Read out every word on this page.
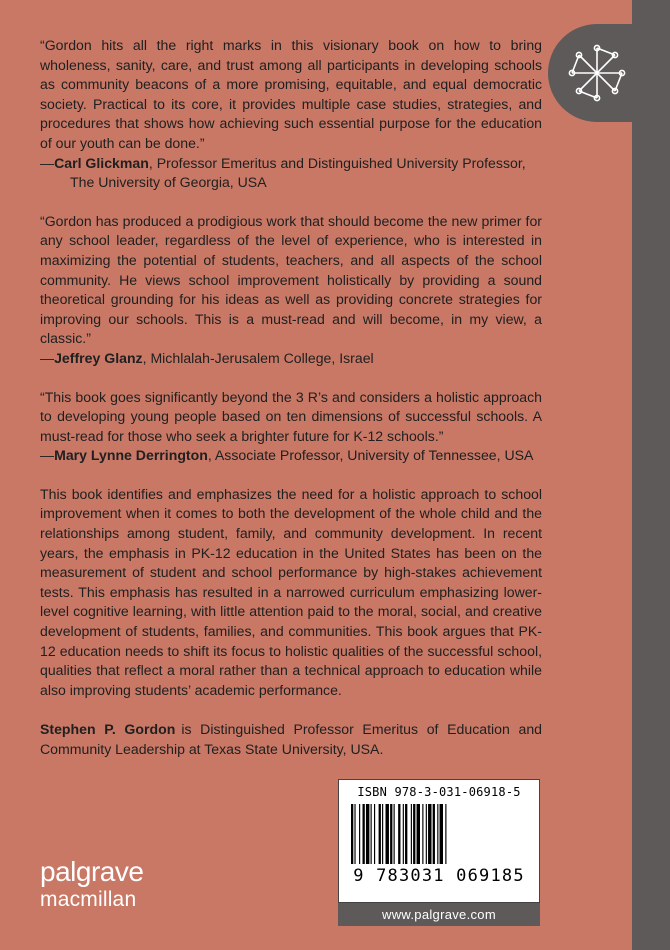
“Gordon hits all the right marks in this visionary book on how to bring wholeness, sanity, care, and trust among all participants in developing schools as community beacons of a more promising, equitable, and equal democratic society. Practical to its core, it provides multiple case studies, strategies, and procedures that shows how achieving such essential purpose for the education of our youth can be done.”

—Carl Glickman, Professor Emeritus and Distinguished University Professor,
The University of Georgia, USA

“Gordon has produced a prodigious work that should become the new primer for any school leader, regardless of the level of experience, who is interested in maximizing the potential of students, teachers, and all aspects of the school community. He views school improvement holistically by providing a sound theoretical grounding for his ideas as well as providing concrete strategies for improving our schools. This is a must-read and will become, in my view, a classic.”

—Jeffrey Glanz, Michlalah-Jerusalem College, Israel

“This book goes significantly beyond the 3 R’s and considers a holistic approach to developing young people based on ten dimensions of successful schools. A must-read for those who seek a brighter future for K-12 schools.”

—Mary Lynne Derrington, Associate Professor, University of Tennessee, USA

This book identifies and emphasizes the need for a holistic approach to school improvement when it comes to both the development of the whole child and the relationships among student, family, and community development. In recent years, the emphasis in PK-12 education in the United States has been on the measurement of student and school performance by high-stakes achievement tests. This emphasis has resulted in a narrowed curriculum emphasizing lower-level cognitive learning, with little attention paid to the moral, social, and creative development of students, families, and communities. This book argues that PK-12 education needs to shift its focus to holistic qualities of the successful school, qualities that reflect a moral rather than a technical approach to education while also improving students’ academic performance.

Stephen P. Gordon is Distinguished Professor Emeritus of Education and Community Leadership at Texas State University, USA.

ISBN 978-3-031-06918-5
9 783031 069185
www.palgrave.com
palgrave
macmillan
